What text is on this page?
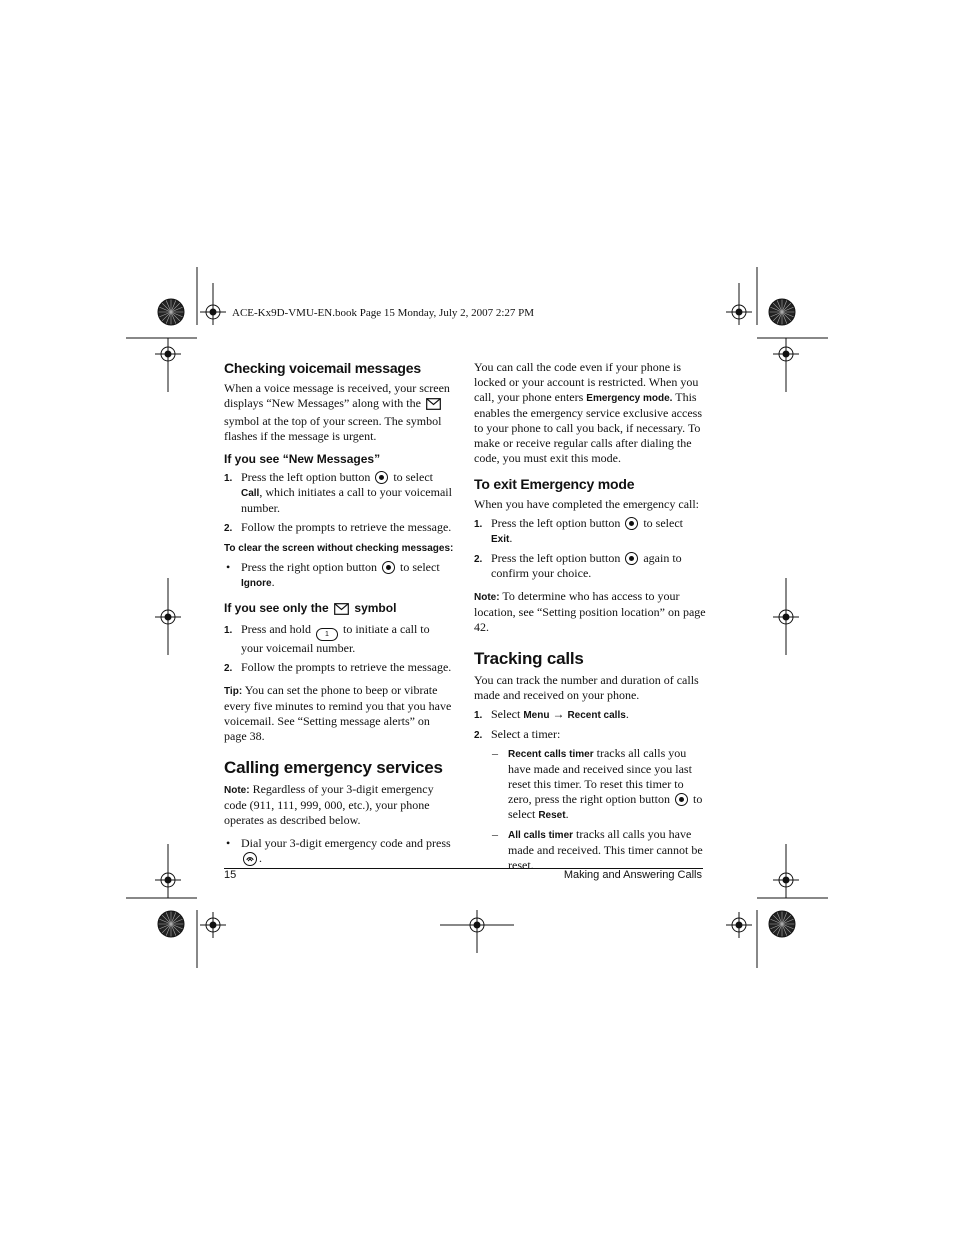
ACE-Kx9D-VMU-EN.book Page 15 Monday, July 2, 2007 2:27 PM
Checking voicemail messages

When a voice message is received, your screen displays “New Messages” along with the  symbol at the top of your screen. The symbol flashes if the message is urgent.

If you see “New Messages”
1. Press the left option button to select Call, which initiates a call to your voicemail number.
2. Follow the prompts to retrieve the message.
To clear the screen without checking messages:
• Press the right option button to select Ignore.
If you see only the symbol
1. Press and hold 1 to initiate a call to your voicemail number.
2. Follow the prompts to retrieve the message.

Tip: You can set the phone to beep or vibrate every five minutes to remind you that you have voicemail. See “Setting message alerts” on page 38.

Calling emergency services

Note: Regardless of your 3-digit emergency code (911, 111, 999, 000, etc.), your phone operates as described below.

• Dial your 3-digit emergency code and press
.

You can call the code even if your phone is locked or your account is restricted. When you call, your phone enters Emergency mode. This enables the emergency service exclusive access to your phone to call you back, if necessary. To make or receive regular calls after dialing the code, you must exit this mode.

To exit Emergency mode

When you have completed the emergency call:

1. Press the left option button to select Exit.
2. Press the left option button again to confirm your choice.

Note: To determine who has access to your location, see “Setting position location” on page 42.

Tracking calls

You can track the number and duration of calls made and received on your phone.

1. Select Menu → Recent calls.
2. Select a timer:
– Recent calls timer tracks all calls you have made and received since you last reset this timer. To reset this timer to zero, press the right option button to select Reset.
– All calls timer tracks all calls you have made and received. This timer cannot be reset.
15	Making and Answering Calls
